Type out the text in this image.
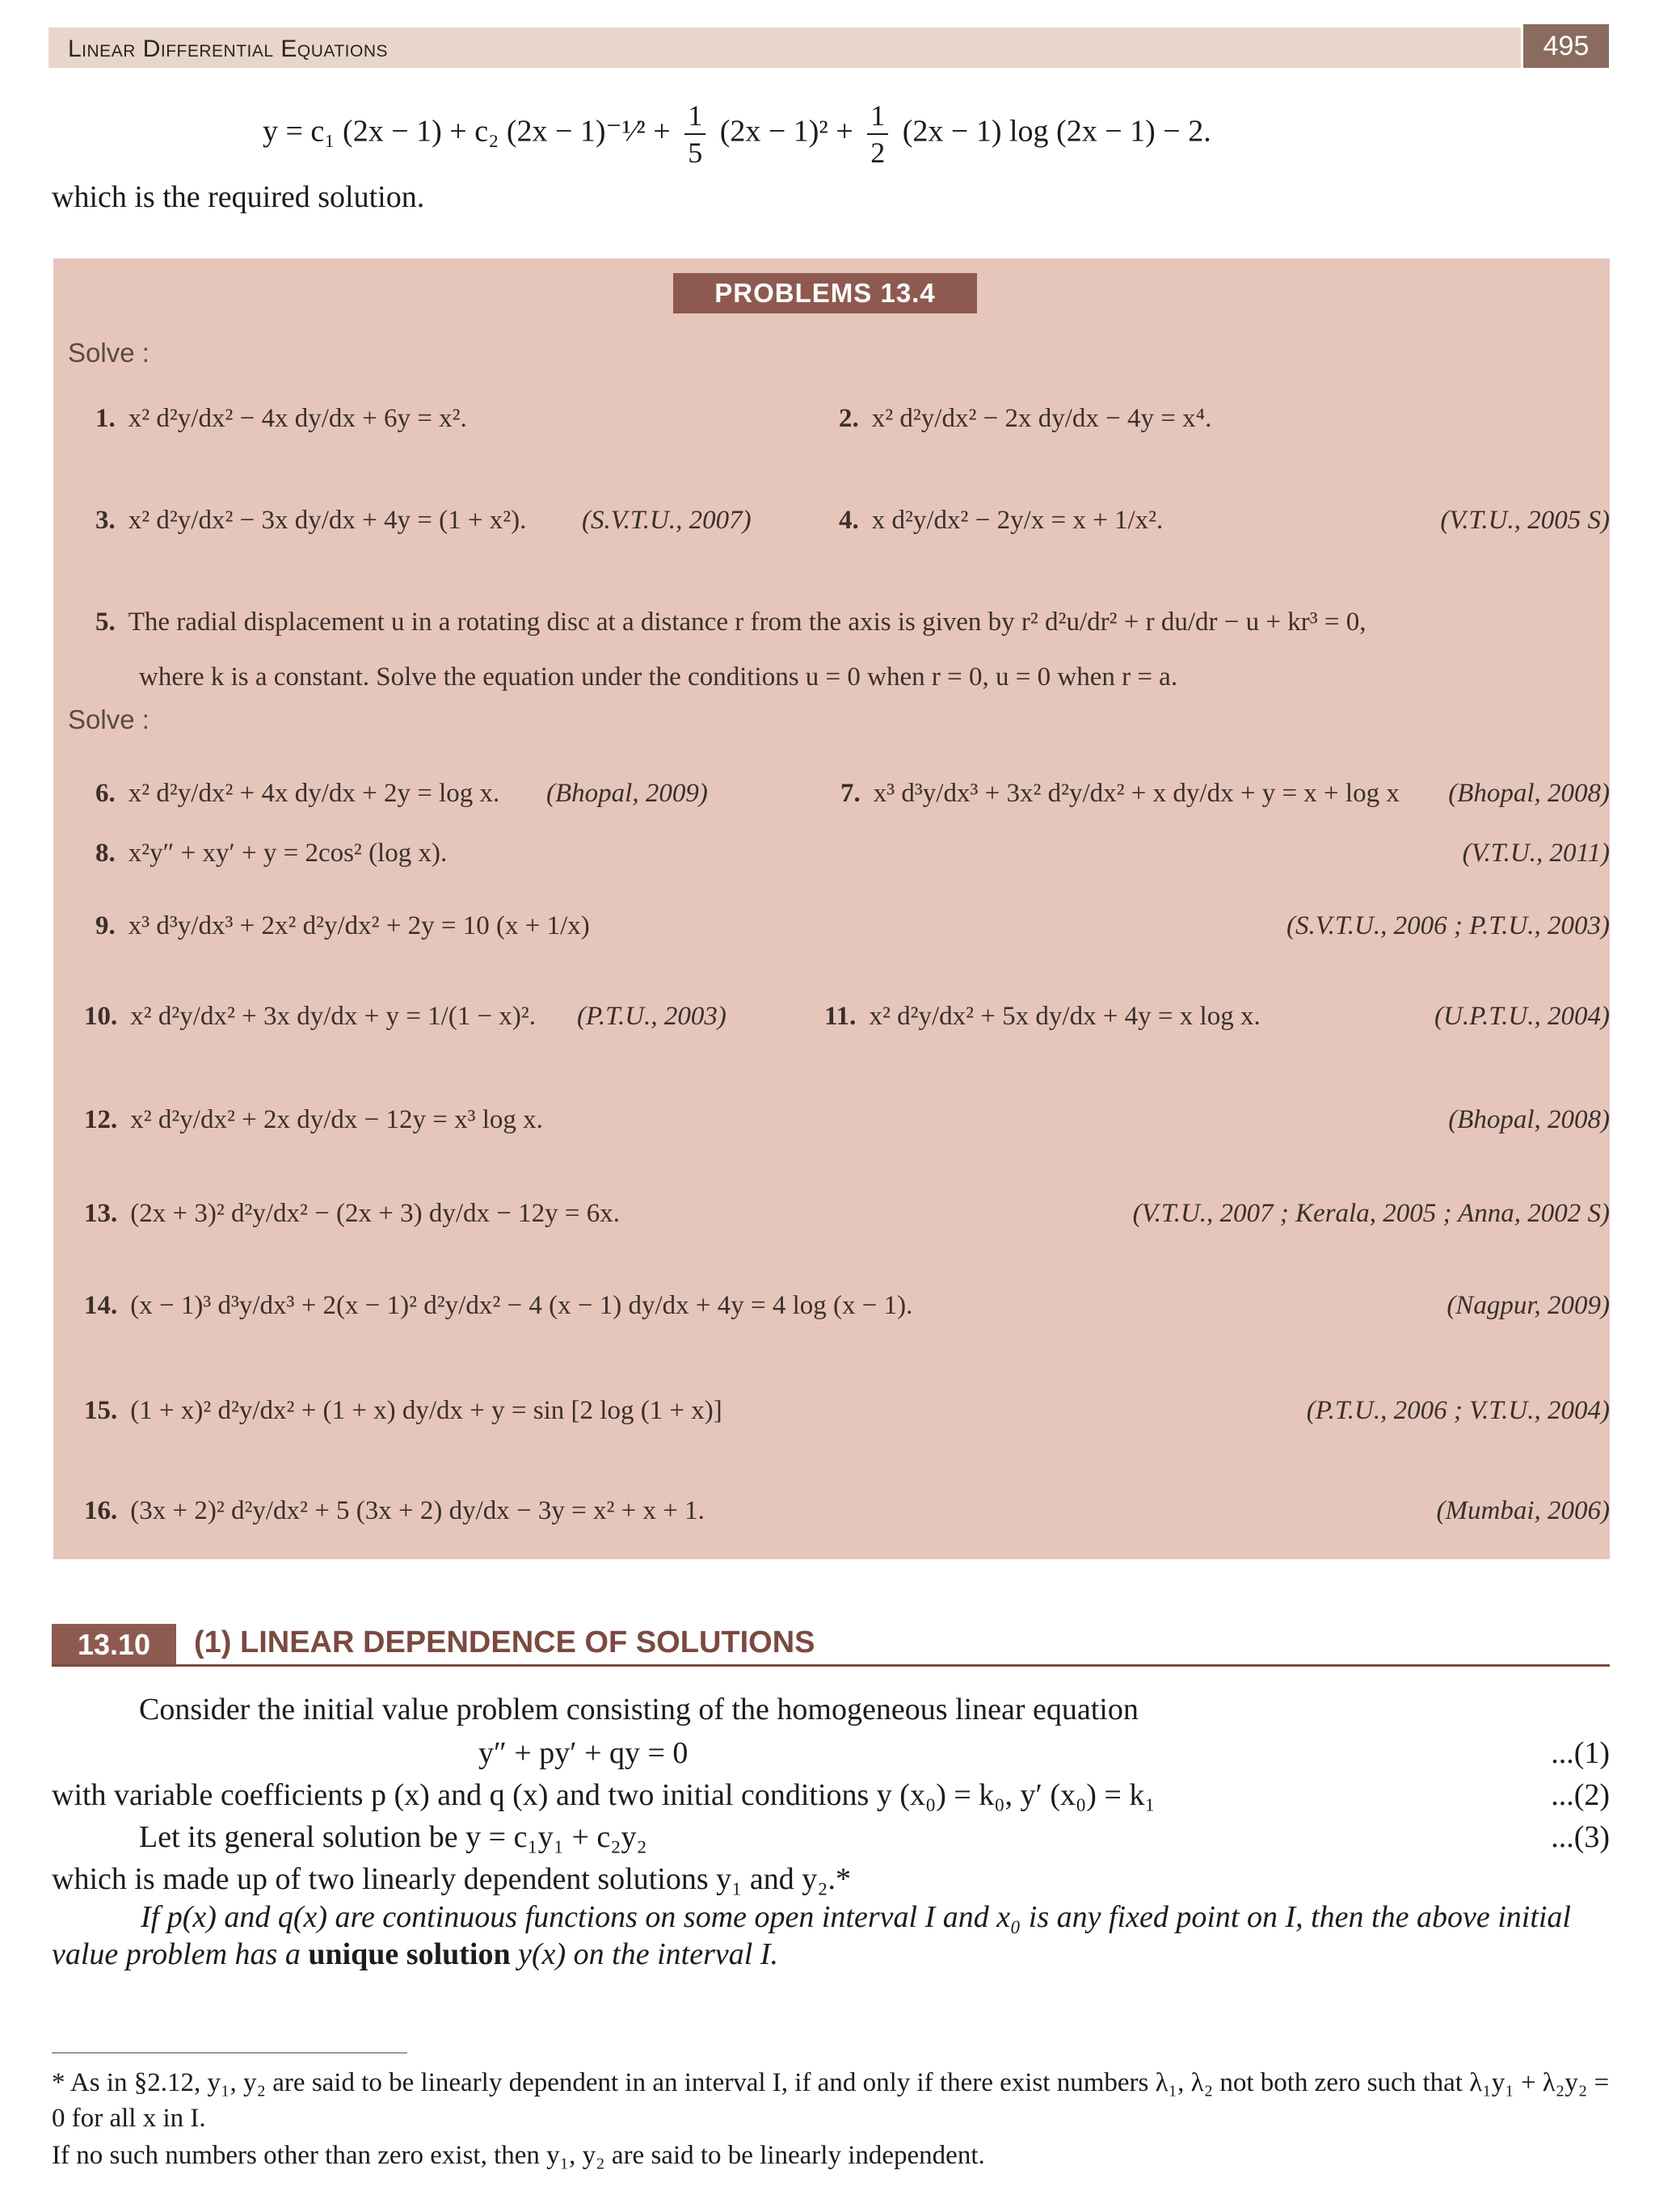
Linear Differential Equations	495
y = c₁ (2x − 1) + c₂ (2x − 1)⁻¹⁄² + $\frac{1}{5} (2x - 1)^2 + \frac{1}{2} (2x - 1)$ log (2x − 1) − 2.
which is the required solution.
PROBLEMS 13.4
Solve :
1. x² d²y/dx² − 4x dy/dx + 6y = x².	2. x² d²y/dx² − 2x dy/dx − 4y = x⁴.
3. x² d²y/dx² − 3x dy/dx + 4y = (1 + x²). (S.V.T.U., 2007)	4. x d²y/dx² − 2y/x = x + 1/x².	(V.T.U., 2005 S)
5. The radial displacement u in a rotating disc at a distance r from the axis is given by r² d²u/dr² + r du/dr − u + kr³ = 0,
where k is a constant. Solve the equation under the conditions u = 0 when r = 0, u = 0 when r = a.
Solve :
6. x² d²y/dx² + 4x dy/dx + 2y = log x. (Bhopal, 2009)	7. x³ d³y/dx³ + 3x² d²y/dx² + x dy/dx + y = x + log x (Bhopal, 2008)
8. x²y″ + xy′ + y = 2cos² (log x).	(V.T.U., 2011)
9. x³ d³y/dx³ + 2x² d²y/dx² + 2y = 10 (x + 1/x)	(S.V.T.U., 2006 ; P.T.U., 2003)
10. x² d²y/dx² + 3x dy/dx + y = 1/(1 − x)². (P.T.U., 2003)	11. x² d²y/dx² + 5x dy/dx + 4y = x log x.	(U.P.T.U., 2004)
12. x² d²y/dx² + 2x dy/dx − 12y = x³ log x.	(Bhopal, 2008)
13. (2x + 3)² d²y/dx² − (2x + 3) dy/dx − 12y = 6x.	(V.T.U., 2007 ; Kerala, 2005 ; Anna, 2002 S)
14. (x − 1)³ d³y/dx³ + 2(x − 1)² d²y/dx² − 4 (x − 1) dy/dx + 4y = 4 log (x − 1).	(Nagpur, 2009)
15. (1 + x)² d²y/dx² + (1 + x) dy/dx + y = sin [2 log (1 + x)]	(P.T.U., 2006 ; V.T.U., 2004)
16. (3x + 2)² d²y/dx² + 5 (3x + 2) dy/dx − 3y = x² + x + 1.	(Mumbai, 2006)
13.10	(1) LINEAR DEPENDENCE OF SOLUTIONS
Consider the initial value problem consisting of the homogeneous linear equation
y″ + py′ + qy = 0	...(1)
with variable coefficients p (x) and q (x) and two initial conditions y (x₀) = k₀, y′ (x₀) = k₁	...(2)
Let its general solution be y = c₁y₁ + c₂y₂	...(3)
which is made up of two linearly dependent solutions y₁ and y₂.*
If p(x) and q(x) are continuous functions on some open interval I and x₀ is any fixed point on I, then the above initial value problem has a unique solution y(x) on the interval I.
* As in §2.12, y₁, y₂ are said to be linearly dependent in an interval I, if and only if there exist numbers λ₁, λ₂ not both zero such that λ₁y₁ + λ₂y₂ = 0 for all x in I.
If no such numbers other than zero exist, then y₁, y₂ are said to be linearly independent.
